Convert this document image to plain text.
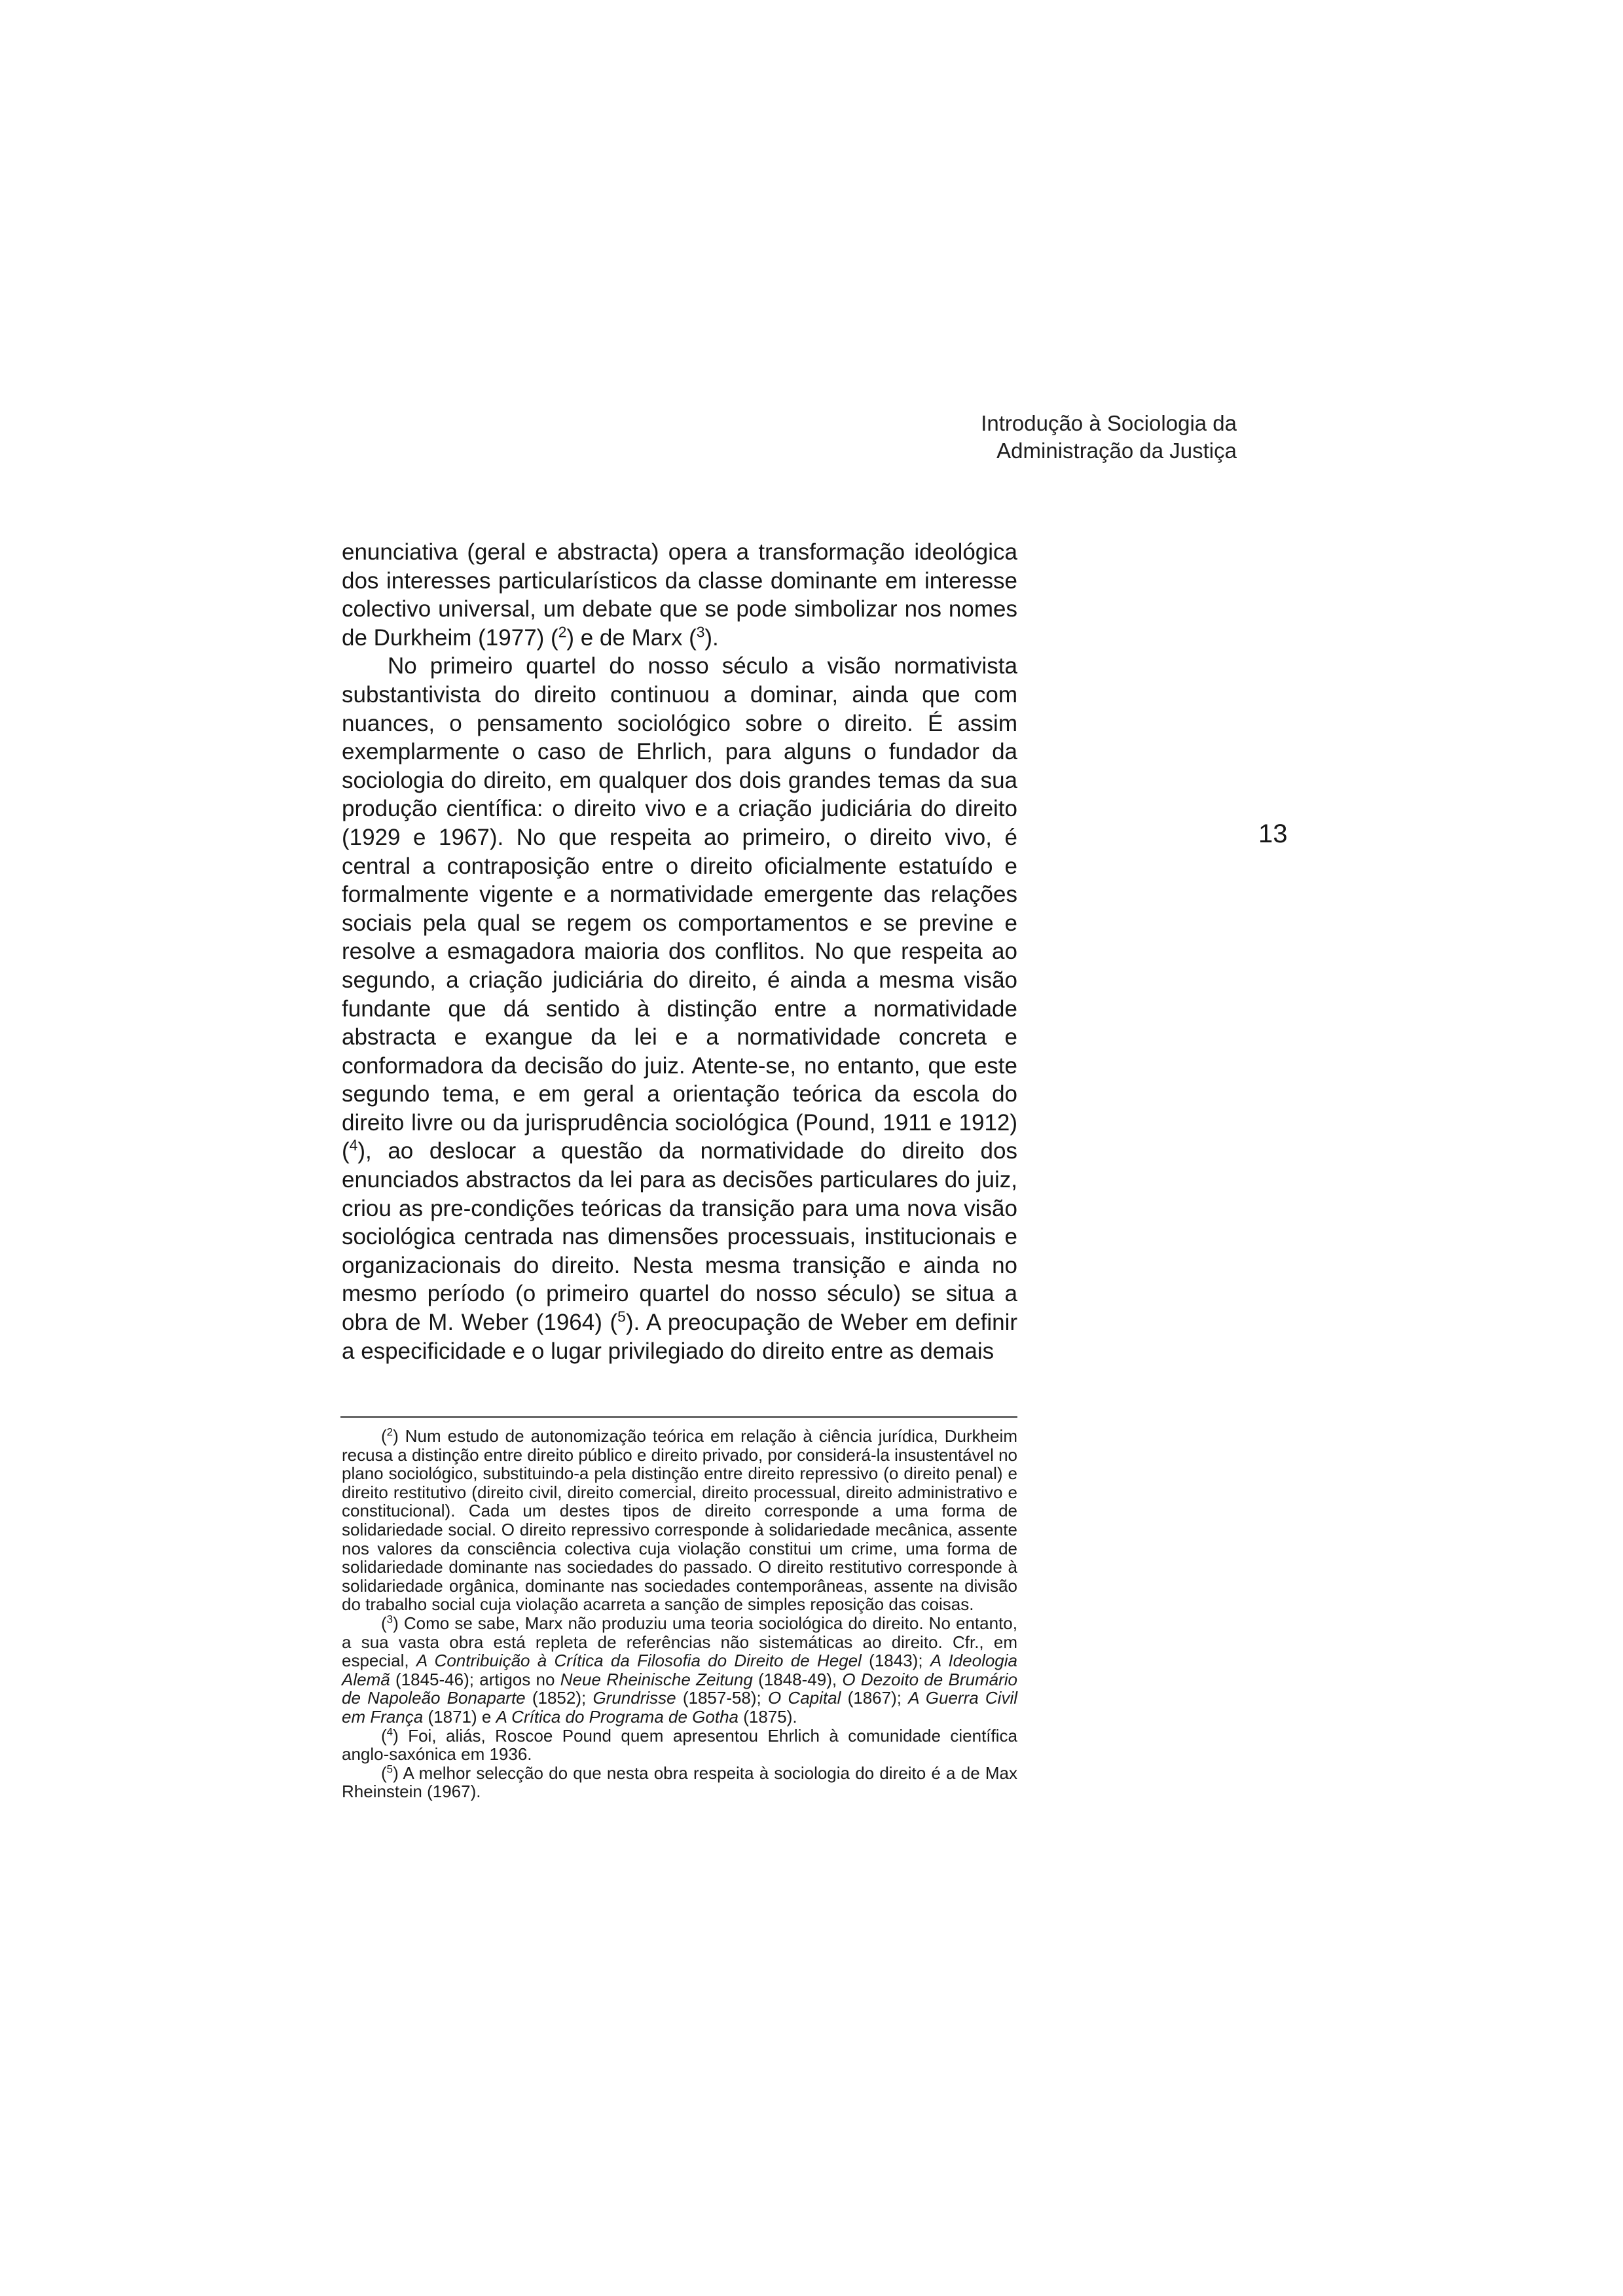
Introdução à Sociologia da
Administração da Justiça

enunciativa (geral e abstracta) opera a transformação ideológica dos interesses particularísticos da classe dominante em interesse colectivo universal, um debate que se pode simbolizar nos nomes de Durkheim (1977) ($^2$) e de Marx ($^3$).

No primeiro quartel do nosso século a visão normativista substantivista do direito continuou a dominar, ainda que com nuances, o pensamento sociológico sobre o direito. É assim exemplarmente o caso de Ehrlich, para alguns o fundador da sociologia do direito, em qualquer dos dois grandes temas da sua produção científica: o direito vivo e a criação judiciária do direito (1929 e 1967). No que respeita ao primeiro, o direito vivo, é central a contraposição entre o direito oficialmente estatuído e formalmente vigente e a normatividade emergente das relações sociais pela qual se regem os comportamentos e se previne e resolve a esmagadora maioria dos conflitos. No que respeita ao segundo, a criação judiciária do direito, é ainda a mesma visão fundante que dá sentido à distinção entre a normatividade abstracta e exangue da lei e a normatividade concreta e conformadora da decisão do juiz. Atente-se, no entanto, que este segundo tema, e em geral a orientação teórica da escola do direito livre ou da jurisprudência sociológica (Pound, 1911 e 1912) ($^4$), ao deslocar a questão da normatividade do direito dos enunciados abstractos da lei para as decisões particulares do juiz, criou as pre-condições teóricas da transição para uma nova visão sociológica centrada nas dimensões processuais, institucionais e organizacionais do direito. Nesta mesma transição e ainda no mesmo período (o primeiro quartel do nosso século) se situa a obra de M. Weber (1964) ($^5$). A preocupação de Weber em definir a especificidade e o lugar privilegiado do direito entre as demais

13

($^2$) Num estudo de autonomização teórica em relação à ciência jurídica, Durkheim recusa a distinção entre direito público e direito privado, por considerá-la insustentável no plano sociológico, substituindo-a pela distinção entre direito repressivo (o direito penal) e direito restitutivo (direito civil, direito comercial, direito processual, direito administrativo e constitucional). Cada um destes tipos de direito corresponde a uma forma de solidariedade social. O direito repressivo corresponde à solidariedade mecânica, assente nos valores da consciência colectiva cuja violação constitui um crime, uma forma de solidariedade dominante nas sociedades do passado. O direito restitutivo corresponde à solidariedade orgânica, dominante nas sociedades contemporâneas, assente na divisão do trabalho social cuja violação acarreta a sanção de simples reposição das coisas.

($^3$) Como se sabe, Marx não produziu uma teoria sociológica do direito. No entanto, a sua vasta obra está repleta de referências não sistemáticas ao direito. Cfr., em especial, A Contribuição à Crítica da Filosofia do Direito de Hegel (1843); A Ideologia Alemã (1845-46); artigos no Neue Rheinische Zeitung (1848-49), O Dezoito de Brumário de Napoleão Bonaparte (1852); Grundrisse (1857-58); O Capital (1867); A Guerra Civil em França (1871) e A Crítica do Programa de Gotha (1875).

($^4$) Foi, aliás, Roscoe Pound quem apresentou Ehrlich à comunidade científica anglo-saxónica em 1936.

($^5$) A melhor selecção do que nesta obra respeita à sociologia do direito é a de Max Rheinstein (1967).
